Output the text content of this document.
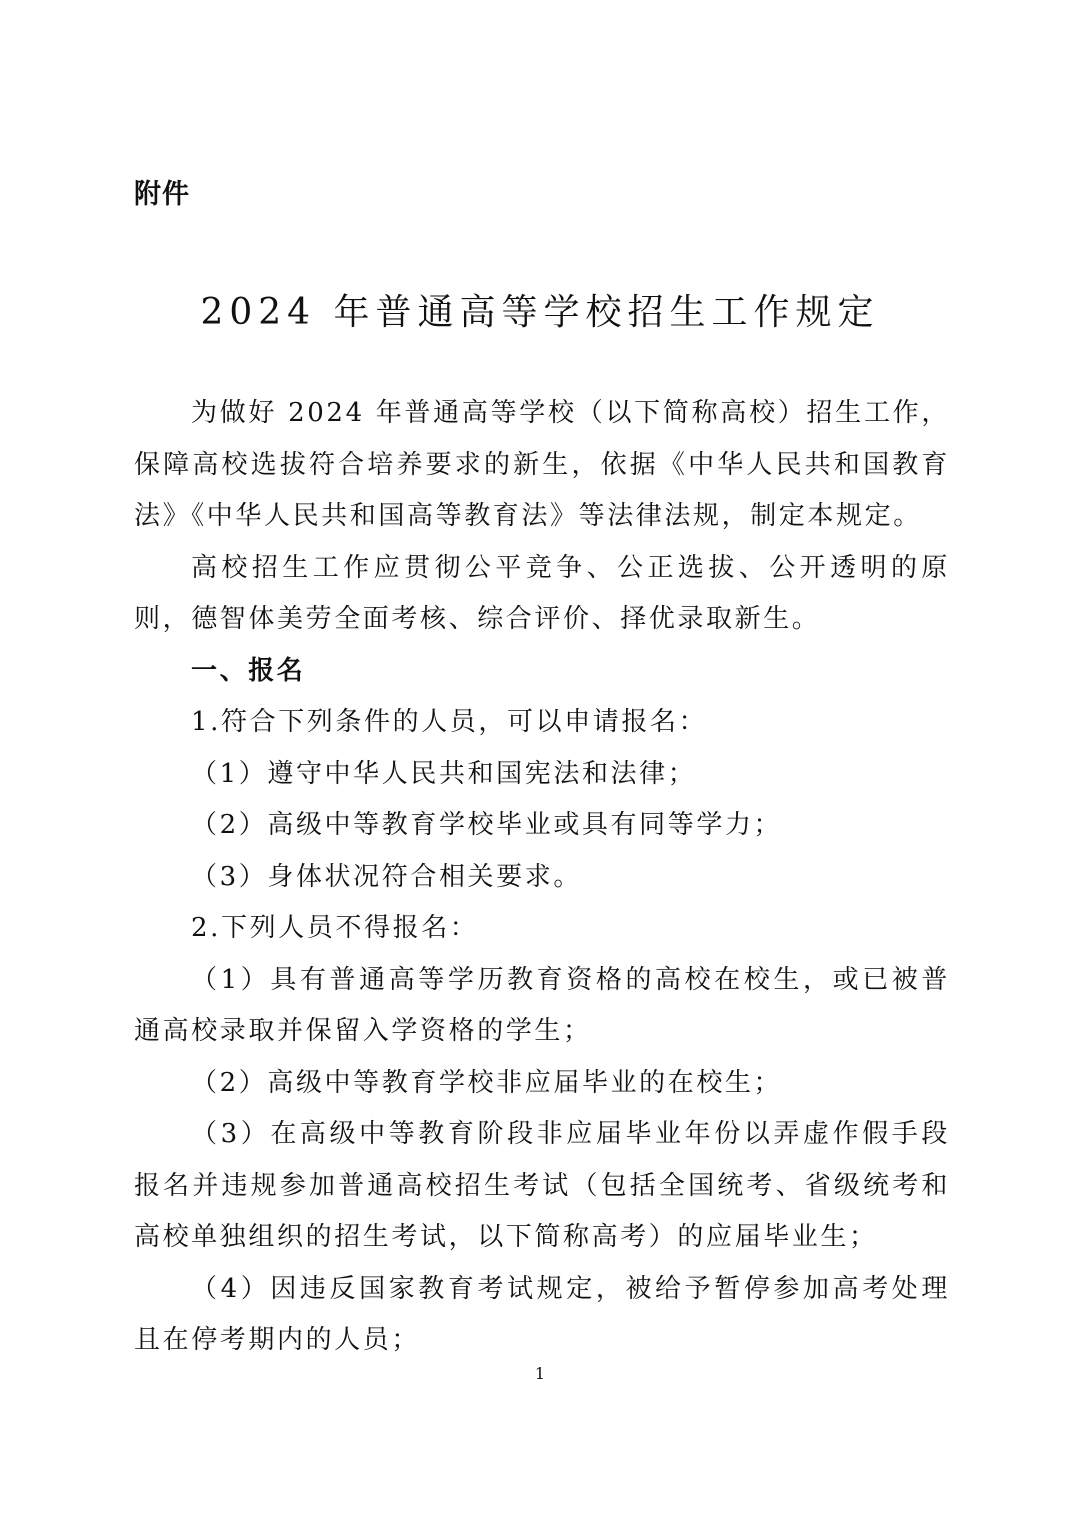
附件
2024 年普通高等学校招生工作规定

为做好 2024 年普通高等学校（以下简称高校）招生工作，保障高校选拔符合培养要求的新生，依据《中华人民共和国教育法》《中华人民共和国高等教育法》等法律法规，制定本规定。

高校招生工作应贯彻公平竞争、公正选拔、公开透明的原则，德智体美劳全面考核、综合评价、择优录取新生。

一、报名

1.符合下列条件的人员，可以申请报名：

（1）遵守中华人民共和国宪法和法律；

（2）高级中等教育学校毕业或具有同等学力；

（3）身体状况符合相关要求。

2.下列人员不得报名：

（1）具有普通高等学历教育资格的高校在校生，或已被普通高校录取并保留入学资格的学生；

（2）高级中等教育学校非应届毕业的在校生；

（3）在高级中等教育阶段非应届毕业年份以弄虚作假手段报名并违规参加普通高校招生考试（包括全国统考、省级统考和高校单独组织的招生考试，以下简称高考）的应届毕业生；

（4）因违反国家教育考试规定，被给予暂停参加高考处理且在停考期内的人员；

1
